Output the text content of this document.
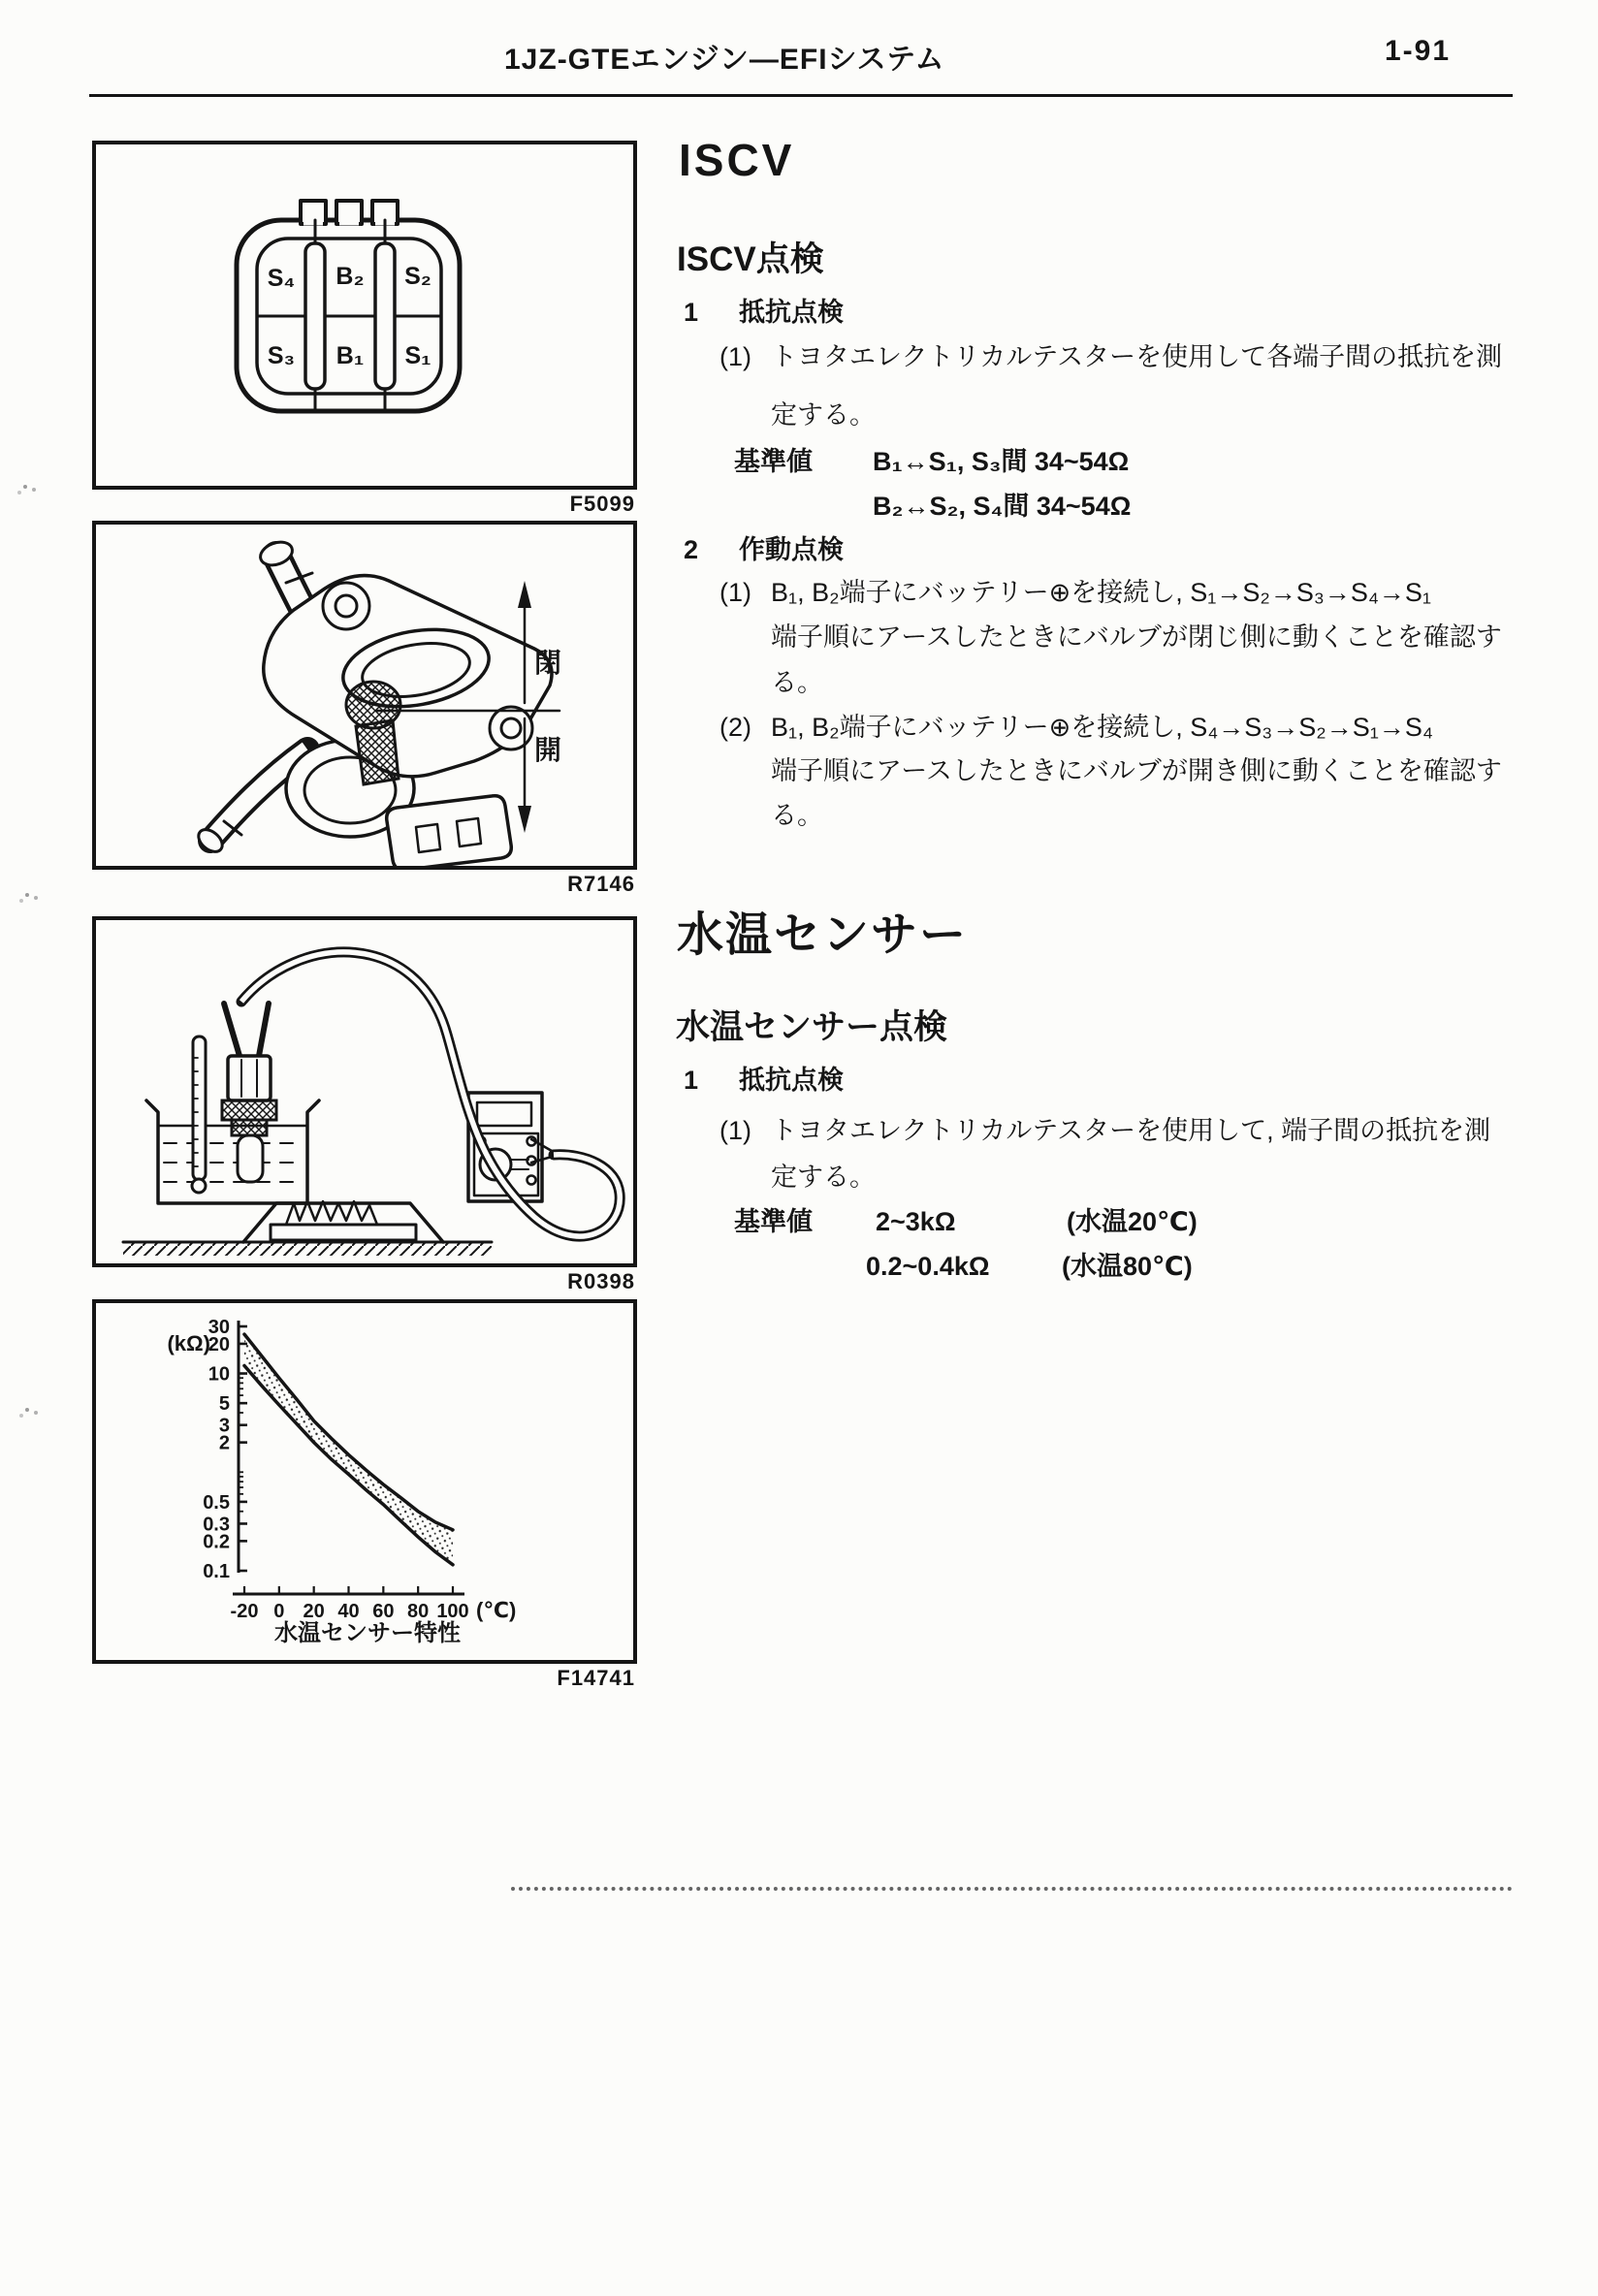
1JZ-GTEエンジン—EFIシステム	1-91
S₄ B₂ S₂
S₃ B₁ S₁
F5099
閉
開
R7146
R0398
30
20
10
5
3
2
0.5
0.3
0.2
0.1
-20 0 20 40 60 80 100
(kΩ)
(℃)
水温センサー特性
F14741
ISCV
ISCV点検
1 抵抗点検
(1) トヨタエレクトリカルテスターを使用して各端子間の抵抗を測
定する。
基準値 B₁↔S₁, S₃間 34~54Ω
B₂↔S₂, S₄間 34~54Ω
2 作動点検
(1) B₁, B₂端子にバッテリー⊕を接続し, S₁→S₂→S₃→S₄→S₁
端子順にアースしたときにバルブが閉じ側に動くことを確認す
る。
(2) B₁, B₂端子にバッテリー⊕を接続し, S₄→S₃→S₂→S₁→S₄
端子順にアースしたときにバルブが開き側に動くことを確認す
る。
水温センサー
水温センサー点検
1 抵抗点検
(1) トヨタエレクトリカルテスターを使用して, 端子間の抵抗を測
定する。
基準値 2~3kΩ	(水温20℃)
0.2~0.4kΩ	(水温80℃)
